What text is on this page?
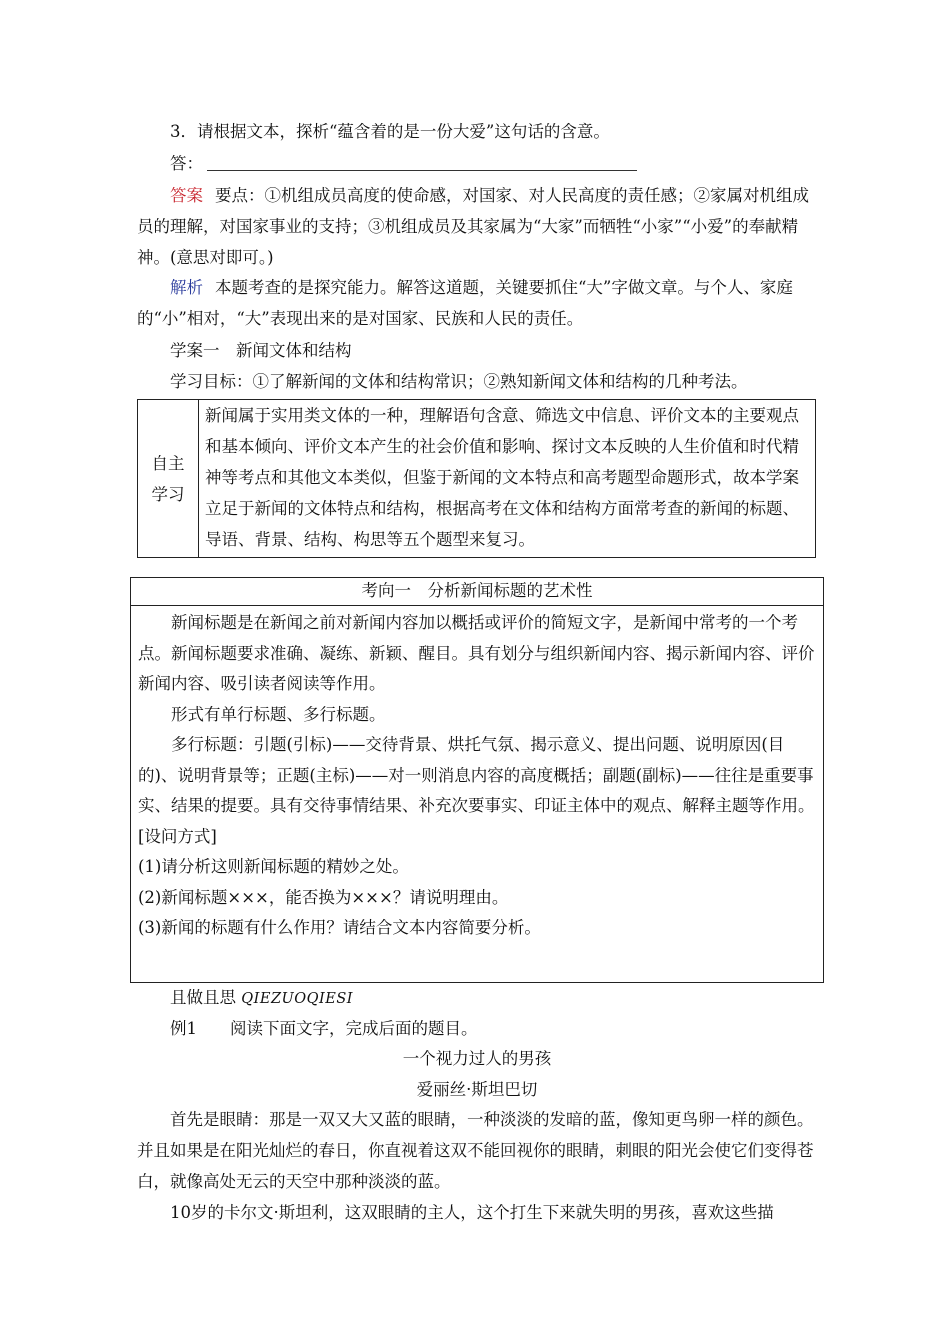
3．请根据文本，探析“蕴含着的是一份大爱”这句话的含意。

答：

答案 要点：①机组成员高度的使命感，对国家、对人民高度的责任感；②家属对机组成员的理解，对国家事业的支持；③机组成员及其家属为“大家”而牺牲“小家”“小爱”的奉献精神。(意思对即可。)

解析 本题考查的是探究能力。解答这道题，关键要抓住“大”字做文章。与个人、家庭的“小”相对，“大”表现出来的是对国家、民族和人民的责任。

学案一　新闻文体和结构

学习目标：①了解新闻的文体和结构常识；②熟知新闻文体和结构的几种考法。

自主学习
新闻属于实用类文体的一种，理解语句含意、筛选文中信息、评价文本的主要观点和基本倾向、评价文本产生的社会价值和影响、探讨文本反映的人生价值和时代精神等考点和其他文本类似，但鉴于新闻的文本特点和高考题型命题形式，故本学案立足于新闻的文体特点和结构，根据高考在文体和结构方面常考查的新闻的标题、导语、背景、结构、构思等五个题型来复习。
考向一　分析新闻标题的艺术性

新闻标题是在新闻之前对新闻内容加以概括或评价的简短文字，是新闻中常考的一个考点。新闻标题要求准确、凝练、新颖、醒目。具有划分与组织新闻内容、揭示新闻内容、评价新闻内容、吸引读者阅读等作用。

形式有单行标题、多行标题。

多行标题：引题(引标)——交待背景、烘托气氛、揭示意义、提出问题、说明原因(目的)、说明背景等；正题(主标)——对一则消息内容的高度概括；副题(副标)——往往是重要事实、结果的提要。具有交待事情结果、补充次要事实、印证主体中的观点、解释主题等作用。

[设问方式]

(1)请分析这则新闻标题的精妙之处。

(2)新闻标题×××，能否换为×××？请说明理由。

(3)新闻的标题有什么作用？请结合文本内容简要分析。

且做且思 QIEZUOQIESI

例1　　阅读下面文字，完成后面的题目。

一个视力过人的男孩
爱丽丝·斯坦巴切

首先是眼睛：那是一双又大又蓝的眼睛，一种淡淡的发暗的蓝，像知更鸟卵一样的颜色。并且如果是在阳光灿烂的春日，你直视着这双不能回视你的眼睛，刺眼的阳光会使它们变得苍白，就像高处无云的天空中那种淡淡的蓝。

10岁的卡尔文·斯坦利，这双眼睛的主人，这个打生下来就失明的男孩，喜欢这些描
